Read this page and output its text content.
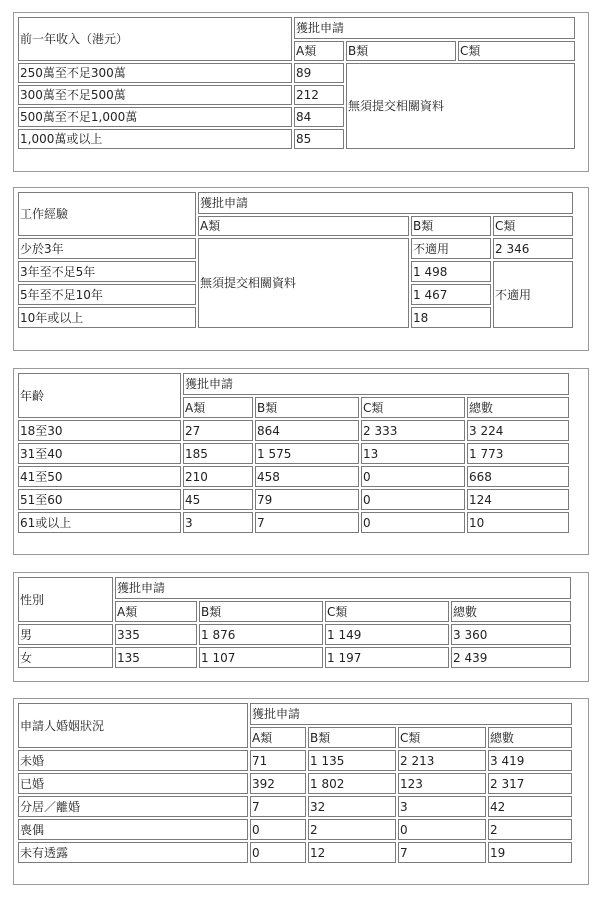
前一年收入（港元）	獲批申請		
	A類	B類	C類
250萬至不足300萬	89	無須提交相關資料	
300萬至不足500萬	212		
500萬至不足1,000萬	84		
1,000萬或以上	85		
工作經驗	獲批申請		
	A類	B類	C類
少於3年	無須提交相關資料	不適用	2 346
3年至不足5年		1 498	不適用
5年至不足10年		1 467	
10年或以上		18	
年齡	獲批申請			
	A類	B類	C類	總數
18至30	27	864	2 333	3 224
31至40	185	1 575	13	1 773
41至50	210	458	0	668
51至60	45	79	0	124
61或以上	3	7	0	10
性別	獲批申請			
	A類	B類	C類	總數
男	335	1 876	1 149	3 360
女	135	1 107	1 197	2 439
申請人婚姻狀況	獲批申請			
	A類	B類	C類	總數
未婚	71	1 135	2 213	3 419
已婚	392	1 802	123	2 317
分居／離婚	7	32	3	42
喪偶	0	2	0	2
未有透露	0	12	7	19
